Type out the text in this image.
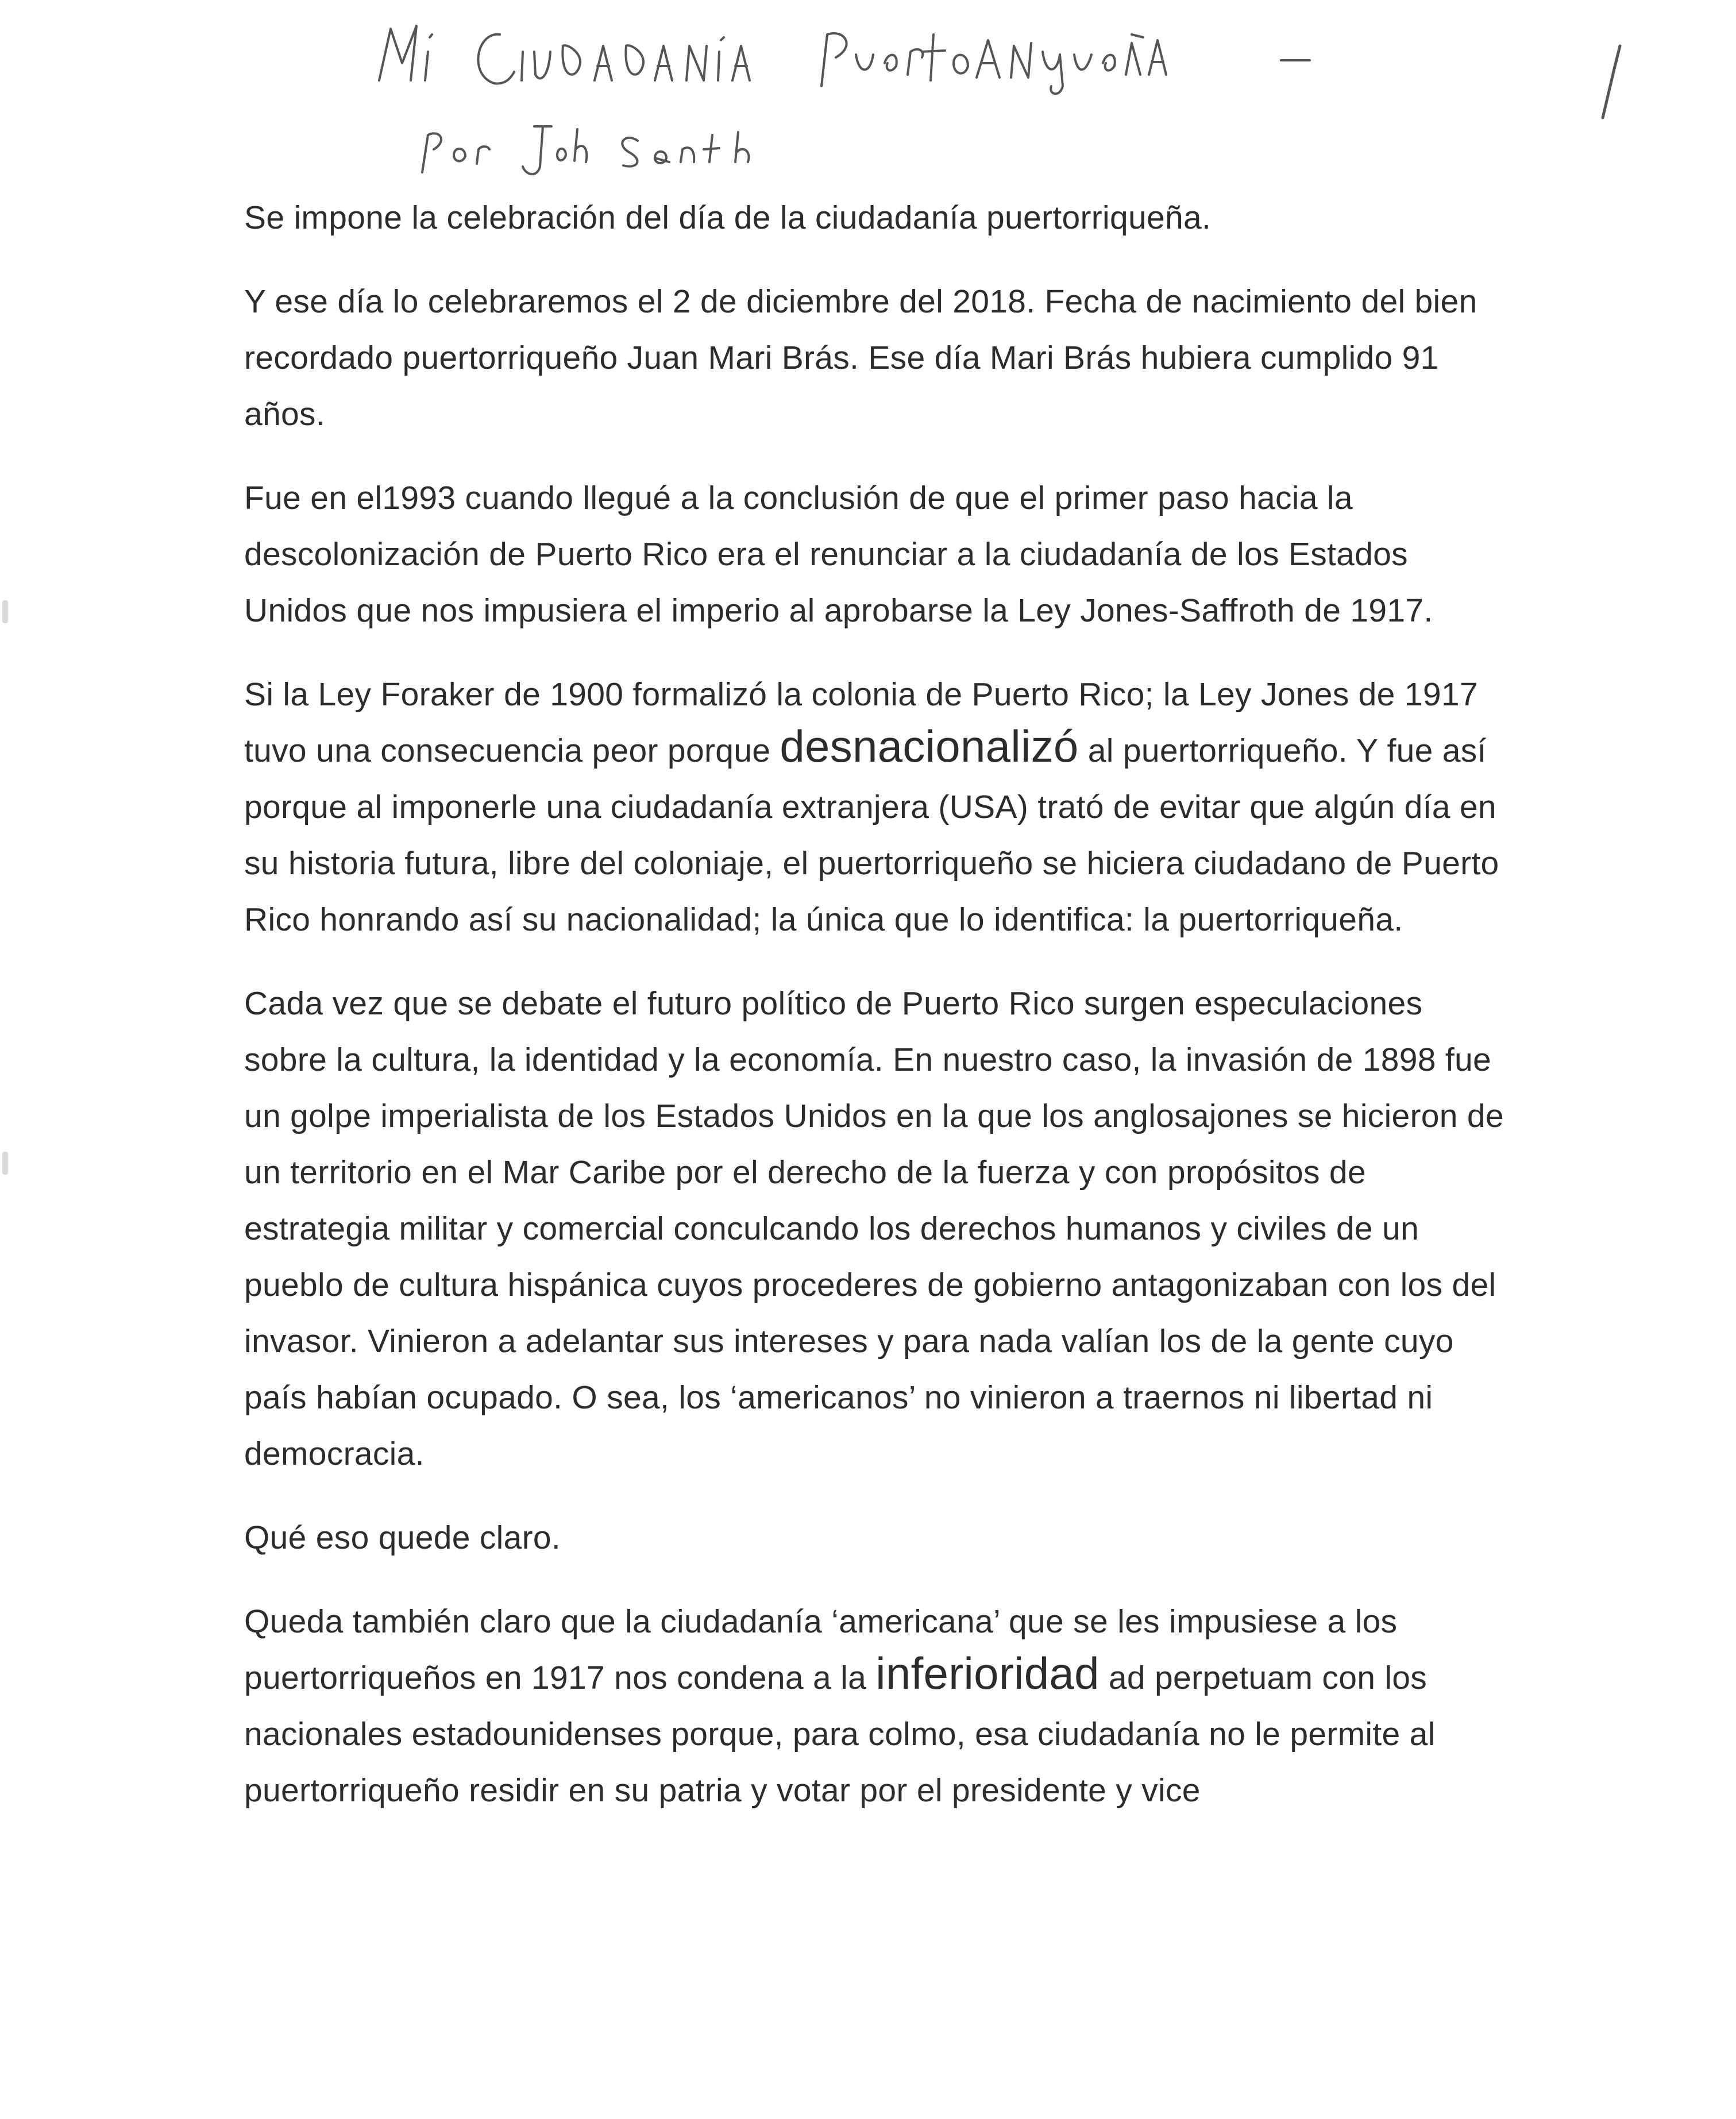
Se impone la celebración del día de la ciudadanía puertorriqueña.

Y ese día lo celebraremos el 2 de diciembre del 2018. Fecha de nacimiento del bien recordado puertorriqueño Juan Mari Brás. Ese día Mari Brás hubiera cumplido 91 años.

Fue en el1993 cuando llegué a la conclusión de que el primer paso hacia la descolonización de Puerto Rico era el renunciar a la ciudadanía de los Estados Unidos que nos impusiera el imperio al aprobarse la Ley Jones-Saffroth de 1917.

Si la Ley Foraker de 1900 formalizó la colonia de Puerto Rico; la Ley Jones de 1917 tuvo una consecuencia peor porque desnacionalizó al puertorriqueño. Y fue así porque al imponerle una ciudadanía extranjera (USA) trató de evitar que algún día en su historia futura, libre del coloniaje, el puertorriqueño se hiciera ciudadano de Puerto Rico honrando así su nacionalidad; la única que lo identifica: la puertorriqueña.

Cada vez que se debate el futuro político de Puerto Rico surgen especulaciones sobre la cultura, la identidad y la economía. En nuestro caso, la invasión de 1898 fue un golpe imperialista de los Estados Unidos en la que los anglosajones se hicieron de un territorio en el Mar Caribe por el derecho de la fuerza y con propósitos de estrategia militar y comercial conculcando los derechos humanos y civiles de un pueblo de cultura hispánica cuyos procederes de gobierno antagonizaban con los del invasor. Vinieron a adelantar sus intereses y para nada valían los de la gente cuyo país habían ocupado. O sea, los ‘americanos’ no vinieron a traernos ni libertad ni democracia.

Qué eso quede claro.

Queda también claro que la ciudadanía ‘americana’ que se les impusiese a los puertorriqueños en 1917 nos condena a la inferioridad ad perpetuam con los nacionales estadounidenses porque, para colmo, esa ciudadanía no le permite al puertorriqueño residir en su patria y votar por el presidente y vice
